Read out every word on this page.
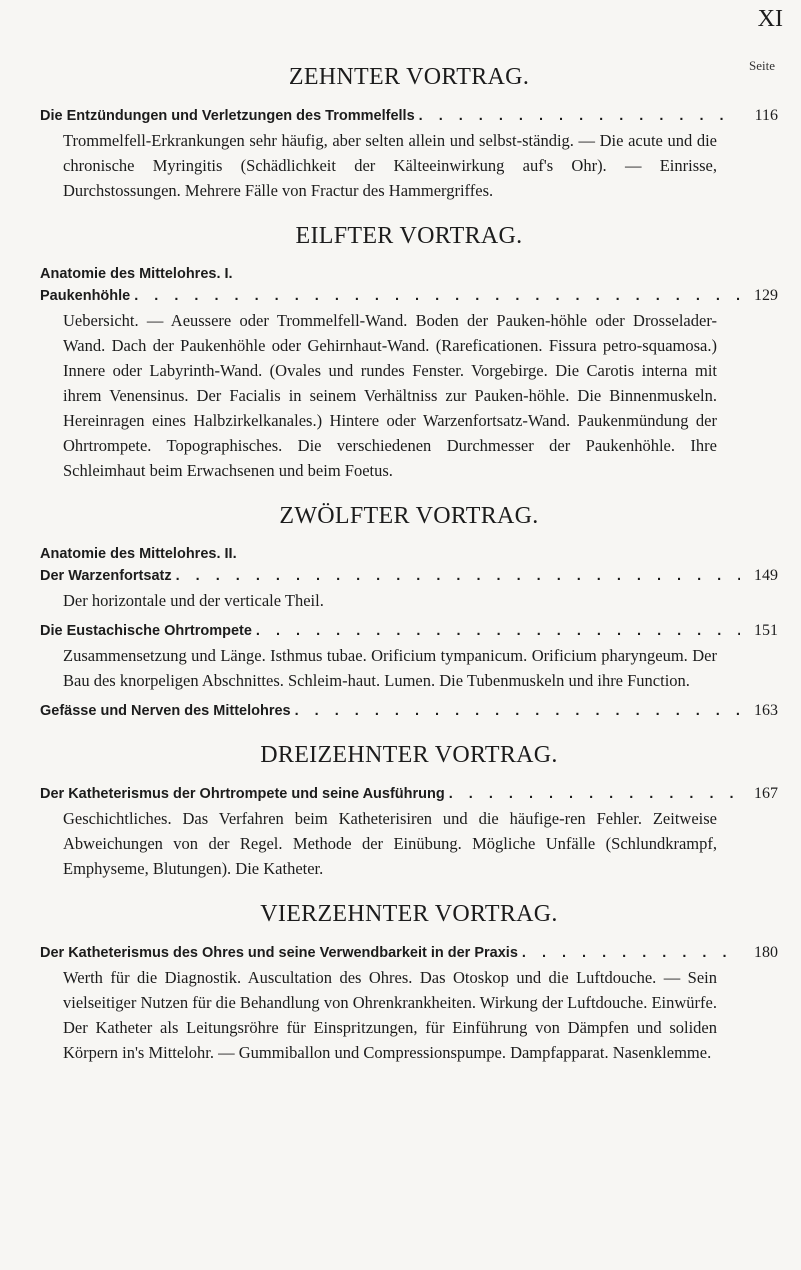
XI
Seite
ZEHNTER VORTRAG.
Die Entzündungen und Verletzungen des Trommelfells . . .	116

Trommelfell-Erkrankungen sehr häufig, aber selten allein und selbst-ständig. — Die acute und die chronische Myringitis (Schädlichkeit der Kälteeinwirkung auf's Ohr). — Einrisse, Durchstossungen. Mehrere Fälle von Fractur des Hammergriffes.

EILFTER VORTRAG.
Anatomie des Mittelohres. I.
Paukenhöhle . . .	129

Uebersicht. — Aeussere oder Trommelfell-Wand. Boden der Pauken-höhle oder Drosselader-Wand. Dach der Paukenhöhle oder Gehirnhaut-Wand. (Rareficationen. Fissura petro-squamosa.) Innere oder Labyrinth-Wand. (Ovales und rundes Fenster. Vorgebirge. Die Carotis interna mit ihrem Venensinus. Der Facialis in seinem Verhältniss zur Pauken-höhle. Die Binnenmuskeln. Hereinragen eines Halbzirkelkanales.) Hintere oder Warzenfortsatz-Wand. Paukenmündung der Ohrtrompete. Topographisches. Die verschiedenen Durchmesser der Paukenhöhle. Ihre Schleimhaut beim Erwachsenen und beim Foetus.

ZWÖLFTER VORTRAG.
Anatomie des Mittelohres. II.
Der Warzenfortsatz . . .	149

Der horizontale und der verticale Theil.

Die Eustachische Ohrtrompete . . .	151

Zusammensetzung und Länge. Isthmus tubae. Orificium tympanicum. Orificium pharyngeum. Der Bau des knorpeligen Abschnittes. Schleim-haut. Lumen. Die Tubenmuskeln und ihre Function.

Gefässe und Nerven des Mittelohres . . .	163
DREIZEHNTER VORTRAG.
Der Katheterismus der Ohrtrompete und seine Ausführung . . .	167

Geschichtliches. Das Verfahren beim Katheterisiren und die häufige-ren Fehler. Zeitweise Abweichungen von der Regel. Methode der Einübung. Mögliche Unfälle (Schlundkrampf, Emphyseme, Blutungen). Die Katheter.

VIERZEHNTER VORTRAG.
Der Katheterismus des Ohres und seine Verwendbarkeit in der Praxis . . .	180

Werth für die Diagnostik. Auscultation des Ohres. Das Otoskop und die Luftdouche. — Sein vielseitiger Nutzen für die Behandlung von Ohrenkrankheiten. Wirkung der Luftdouche. Einwürfe. Der Katheter als Leitungsröhre für Einspritzungen, für Einführung von Dämpfen und soliden Körpern in's Mittelohr. — Gummiballon und Compressionspumpe. Dampfapparat. Nasenklemme.
